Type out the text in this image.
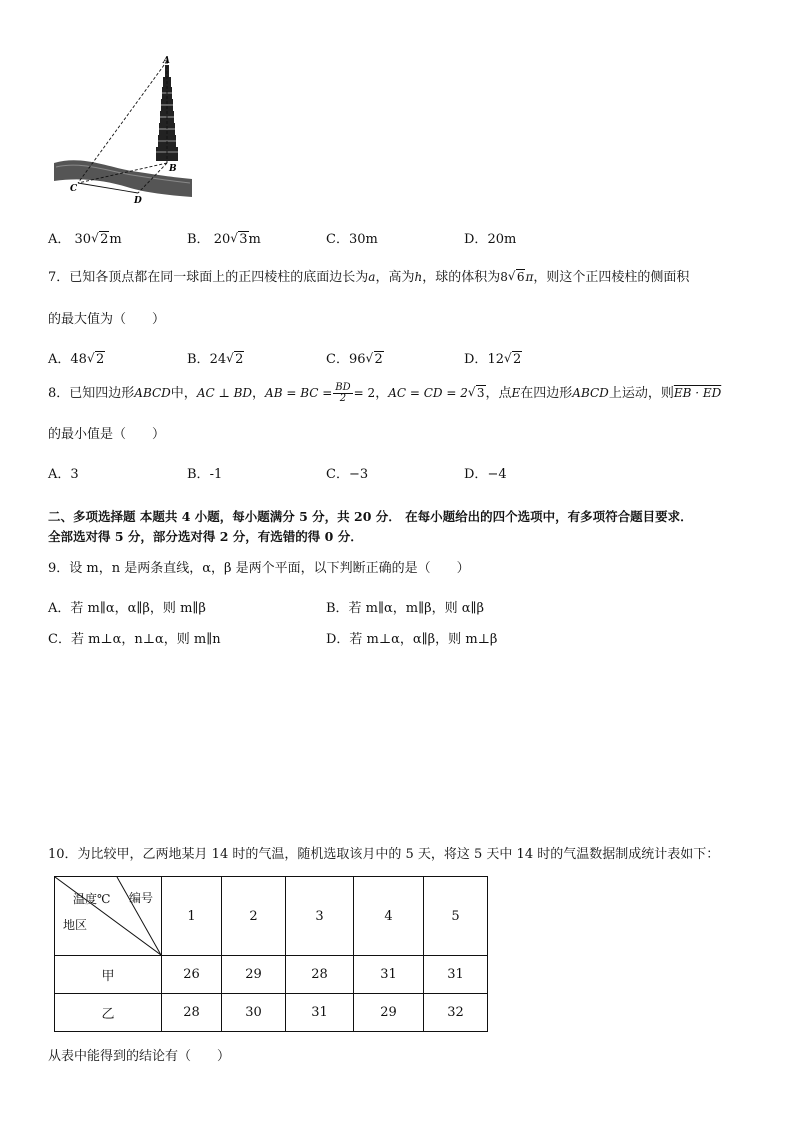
A
B
C
D
A． 30 √ 2m	B． 20 √ 3m	C．30m	D．20m
7．已知各顶点都在同一球面上的正四棱柱的底面边长为a，高为h，球的体积为8 √ 6π，则这个正四棱柱的侧面积
的最大值为（　　）
A．48 √ 2	B．24 √ 2	C．96 √ 2	D．12 √ 2
8．已知四边形ABCD中，AC ⊥ BD，AB = BC = $\frac{BD}{2} = 2$，AC = CD = 2 √ 3，点E在四边形ABCD上运动，则EB · ED
的最小值是（　　）
A．3	B．-1	C．−3	D．−4
二、多项选择题 本题共 4 小题，每小题满分 5 分，共 20 分． 在每小题给出的四个选项中，有多项符合题目要求．
全部选对得 5 分，部分选对得 2 分，有选错的得 0 分．
9．设 m，n 是两条直线，α，β 是两个平面，以下判断正确的是（　　）
A．若 m∥α，α∥β，则 m∥β	B．若 m∥α，m∥β，则 α∥β
C．若 m⊥α，n⊥α，则 m∥n	D．若 m⊥α，α∥β，则 m⊥β
10．为比较甲，乙两地某月 14 时的气温，随机选取该月中的 5 天，将这 5 天中 14 时的气温数据制成统计表如下：
温度℃ 编号
地区	1	2	3	4	5
甲	26	29	28	31	31
乙	28	30	31	29	32
从表中能得到的结论有（　　）
